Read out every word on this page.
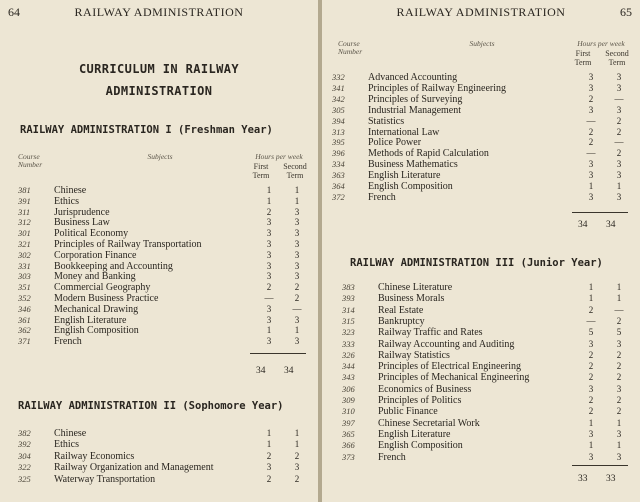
64	RAILWAY ADMINISTRATION
CURRICULUM IN RAILWAY
ADMINISTRATION
RAILWAY ADMINISTRATION I (Freshman Year)
Course
Number
Subjects	Hours per week
First
Term
Second
Term
381	Chinese	1	1
391	Ethics	1	1
311	Jurisprudence	2	3
312	Business Law	3	3
301	Political Economy	3	3
321	Principles of Railway Transportation	3	3
302	Corporation Finance	3	3
331	Bookkeeping and Accounting	3	3
303	Money and Banking	3	3
351	Commercial Geography	2	2
352	Modern Business Practice	—	2
346	Mechanical Drawing	3	—
361	English Literature	3	3
362	English Composition	1	1
371	French	3	3
34 34
RAILWAY ADMINISTRATION II (Sophomore Year)
382	Chinese	1	1
392	Ethics	1	1
304	Railway Economics	2	2
322	Railway Organization and Management	3	3
325	Waterway Transportation	2	2
RAILWAY ADMINISTRATION	65
Course
Number
Subjects	Hours per week
First
Term
Second
Term
332	Advanced Accounting	3	3
341	Principles of Railway Engineering	3	3
342	Principles of Surveying	2	—
305	Industrial Management	3	3
394	Statistics	—	2
313	International Law	2	2
395	Police Power	2	—
396	Methods of Rapid Calculation	—	2
334	Business Mathematics	3	3
363	English Literature	3	3
364	English Composition	1	1
372	French	3	3
34 34
RAILWAY ADMINISTRATION III (Junior Year)
383	Chinese Literature	1	1
393	Business Morals	1	1
314	Real Estate	2	—
315	Bankruptcy	—	2
323	Railway Traffic and Rates	5	5
333	Railway Accounting and Auditing	3	3
326	Railway Statistics	2	2
344	Principles of Electrical Engineering	2	2
343	Principles of Mechanical Engineering	2	2
306	Economics of Business	3	3
309	Principles of Politics	2	2
310	Public Finance	2	2
397	Chinese Secretarial Work	1	1
365	English Literature	3	3
366	English Composition	1	1
373	French	3	3
33 33
